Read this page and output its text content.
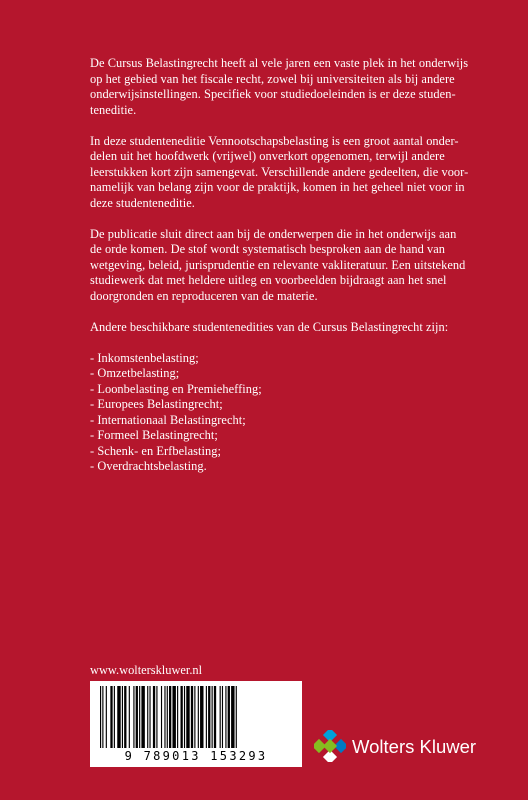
De Cursus Belastingrecht heeft al vele jaren een vaste plek in het onderwijs

op het gebied van het fiscale recht, zowel bij universiteiten als bij andere

onderwijsinstellingen. Specifiek voor studiedoeleinden is er deze studen-

teneditie.

In deze studenteneditie Vennootschapsbelasting is een groot aantal onder-

delen uit het hoofdwerk (vrijwel) onverkort opgenomen, terwijl andere

leerstukken kort zijn samengevat. Verschillende andere gedeelten, die voor-

namelijk van belang zijn voor de praktijk, komen in het geheel niet voor in

deze studenteneditie.

De publicatie sluit direct aan bij de onderwerpen die in het onderwijs aan

de orde komen. De stof wordt systematisch besproken aan de hand van

wetgeving, beleid, jurisprudentie en relevante vakliteratuur. Een uitstekend

studiewerk dat met heldere uitleg en voorbeelden bijdraagt aan het snel

doorgronden en reproduceren van de materie.

Andere beschikbare studentenedities van de Cursus Belastingrecht zijn:

- Inkomstenbelasting;
- Omzetbelasting;
- Loonbelasting en Premieheffing;
- Europees Belastingrecht;
- Internationaal Belastingrecht;
- Formeel Belastingrecht;
- Schenk- en Erfbelasting;
- Overdrachtsbelasting.
www.wolterskluwer.nl
9 789013 153293	Wolters Kluwer
